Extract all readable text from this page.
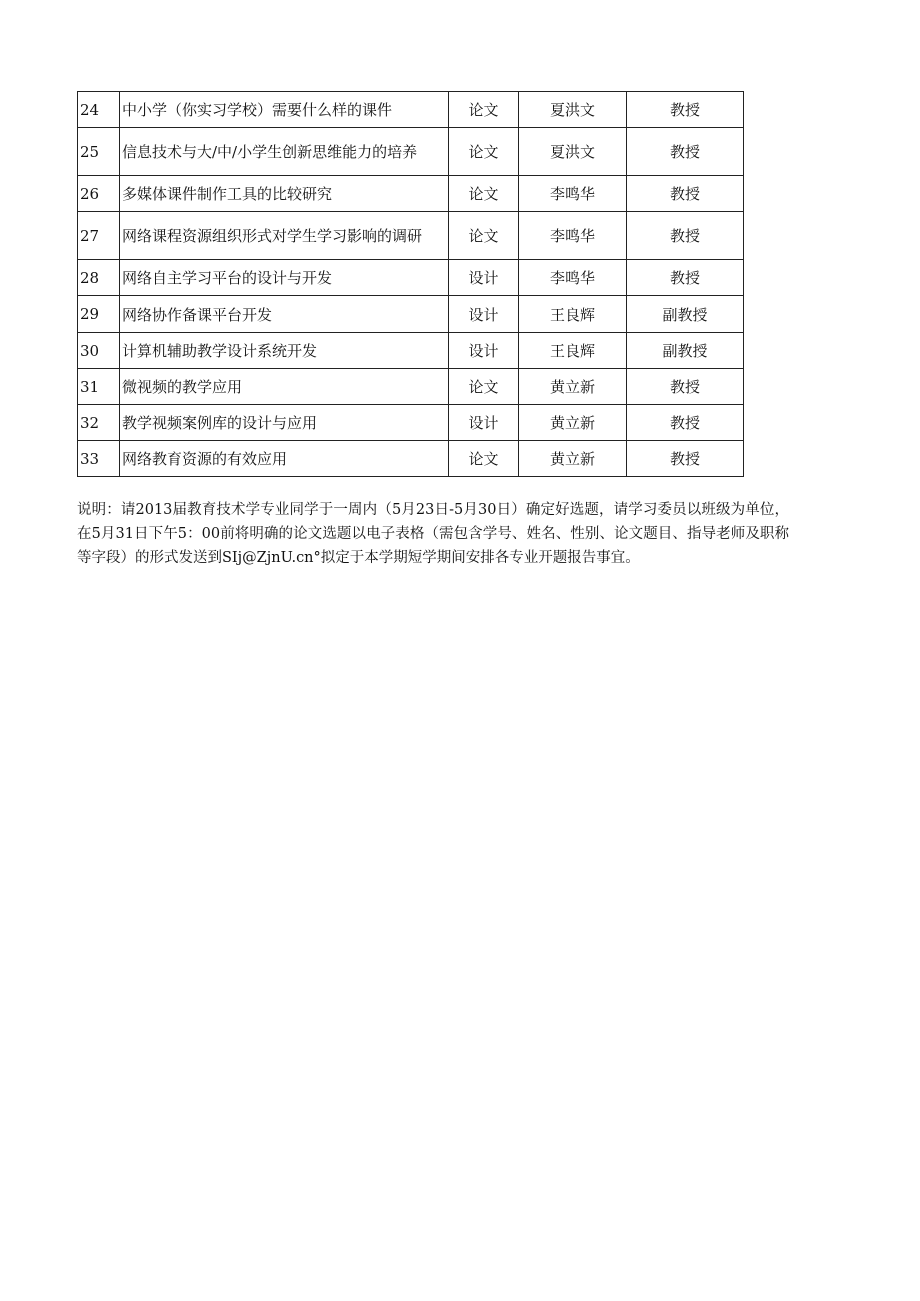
24	中小学（你实习学校）需要什么样的课件	论文	夏洪文	教授
25	信息技术与大/中/小学生创新思维能力的培养	论文	夏洪文	教授
26	多媒体课件制作工具的比较研究	论文	李鸣华	教授
27	网络课程资源组织形式对学生学习影响的调研	论文	李鸣华	教授
28	网络自主学习平台的设计与开发	设计	李鸣华	教授
29	网络协作备课平台开发	设计	王良辉	副教授
30	计算机辅助教学设计系统开发	设计	王良辉	副教授
31	微视频的教学应用	论文	黄立新	教授
32	教学视频案例库的设计与应用	设计	黄立新	教授
33	网络教育资源的有效应用	论文	黄立新	教授

说明：请2013届教育技术学专业同学于一周内（5月23日-5月30日）确定好选题，请学习委员以班级为单位，在5月31日下午5：00前将明确的论文选题以电子表格（需包含学号、姓名、性别、论文题目、指导老师及职称等字段）的形式发送到SIj@ZjnU.cn°拟定于本学期短学期间安排各专业开题报告事宜。
